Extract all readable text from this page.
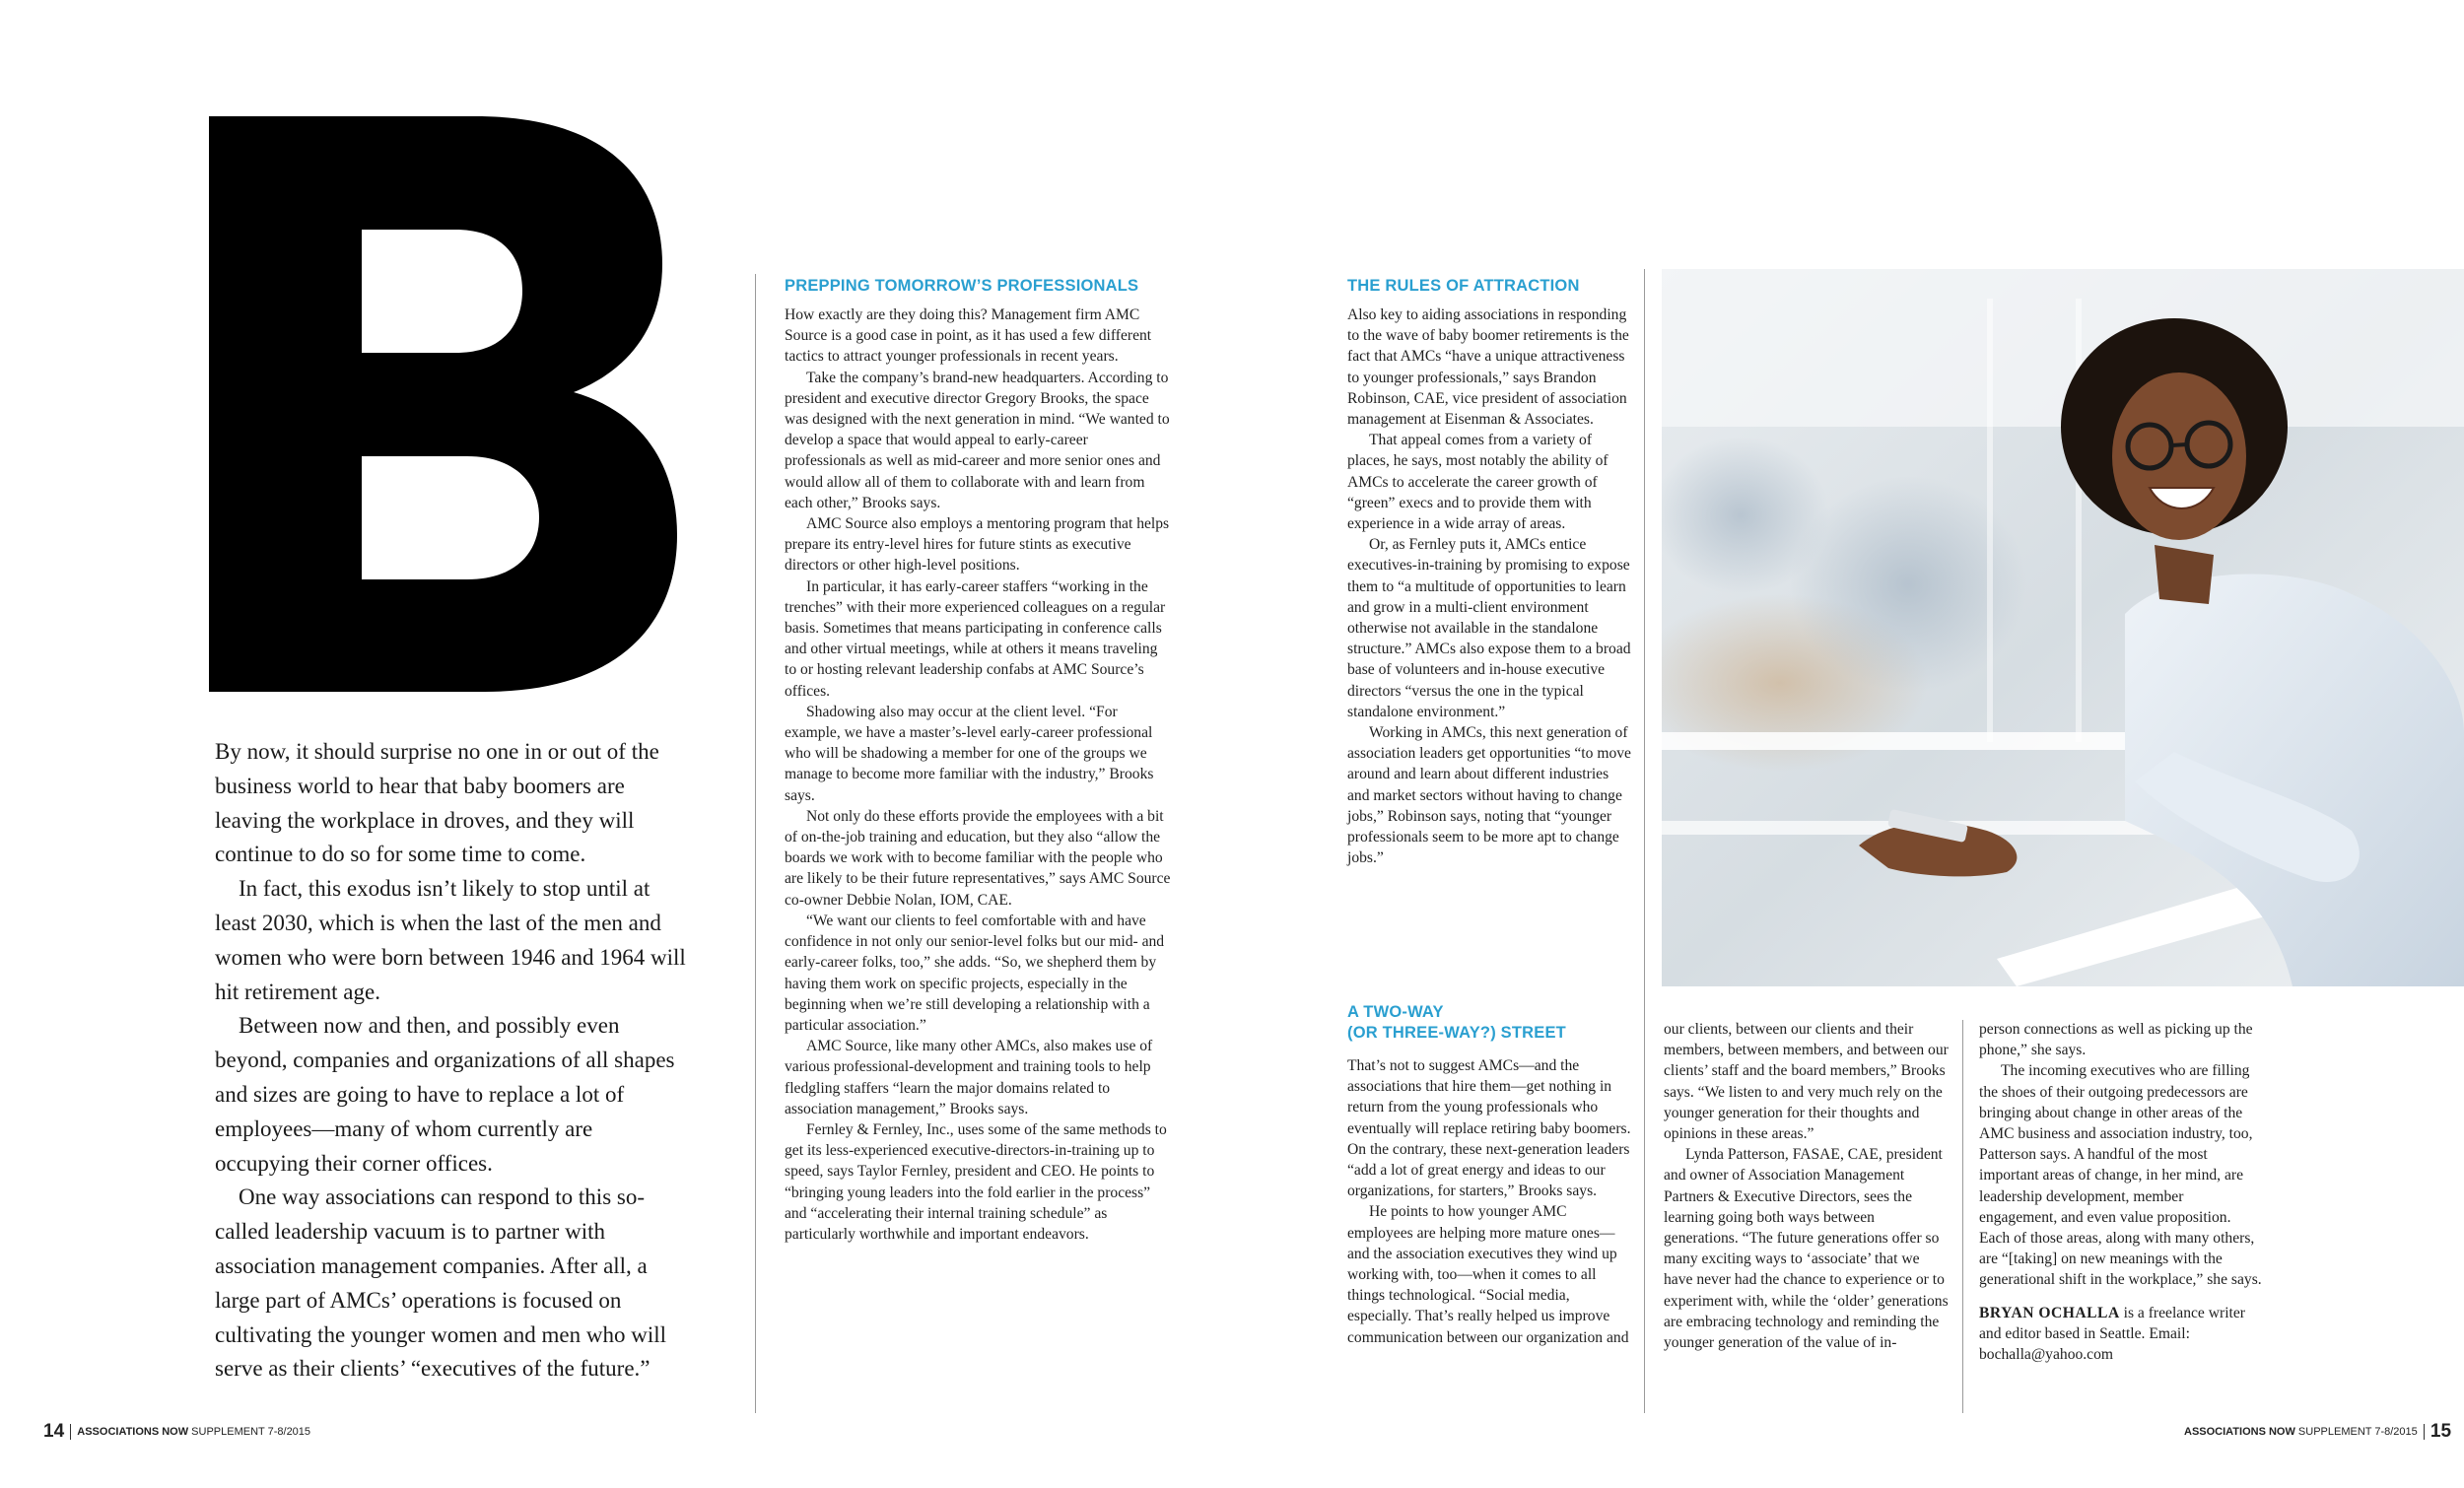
By now, it should surprise no one in or out of the business world to hear that baby boomers are leaving the workplace in droves, and they will continue to do so for some time to come.

In fact, this exodus isn’t likely to stop until at least 2030, which is when the last of the men and women who were born between 1946 and 1964 will hit retirement age.

Between now and then, and possibly even beyond, companies and organizations of all shapes and sizes are going to have to replace a lot of employees—many of whom currently are occupying their corner offices.

One way associations can respond to this so-called leadership vacuum is to partner with association management companies. After all, a large part of AMCs’ operations is focused on cultivating the younger women and men who will serve as their clients’ “executives of the future.”

PREPPING TOMORROW’S PROFESSIONALS

How exactly are they doing this? Management firm AMC Source is a good case in point, as it has used a few different tactics to attract younger professionals in recent years.

Take the company’s brand-new headquarters. According to president and executive director Gregory Brooks, the space was designed with the next generation in mind. “We wanted to develop a space that would appeal to early-career professionals as well as mid-career and more senior ones and would allow all of them to collaborate with and learn from each other,” Brooks says.

AMC Source also employs a mentoring program that helps prepare its entry-level hires for future stints as executive directors or other high-level positions.

In particular, it has early-career staffers “working in the trenches” with their more experienced colleagues on a regular basis. Sometimes that means participating in conference calls and other virtual meetings, while at others it means traveling to or hosting relevant leadership confabs at AMC Source’s offices.

Shadowing also may occur at the client level. “For example, we have a master’s-level early-career professional who will be shadowing a member for one of the groups we manage to become more familiar with the industry,” Brooks says.

Not only do these efforts provide the employees with a bit of on-the-job training and education, but they also “allow the boards we work with to become familiar with the people who are likely to be their future representatives,” says AMC Source co-owner Debbie Nolan, IOM, CAE.

“We want our clients to feel comfortable with and have confidence in not only our senior-level folks but our mid- and early-career folks, too,” she adds. “So, we shepherd them by having them work on specific projects, especially in the beginning when we’re still developing a relationship with a particular association.”

AMC Source, like many other AMCs, also makes use of various professional-development and training tools to help fledgling staffers “learn the major domains related to association management,” Brooks says.

Fernley & Fernley, Inc., uses some of the same methods to get its less-experienced executive-directors-in-training up to speed, says Taylor Fernley, president and CEO. He points to “bringing young leaders into the fold earlier in the process” and “accelerating their internal training schedule” as particularly worthwhile and important endeavors.

THE RULES OF ATTRACTION

Also key to aiding associations in responding to the wave of baby boomer retirements is the fact that AMCs “have a unique attractiveness to younger professionals,” says Brandon Robinson, CAE, vice president of association management at Eisenman & Associates.

That appeal comes from a variety of places, he says, most notably the ability of AMCs to accelerate the career growth of “green” execs and to provide them with experience in a wide array of areas.

Or, as Fernley puts it, AMCs entice executives-in-training by promising to expose them to “a multitude of opportunities to learn and grow in a multi-client environment otherwise not available in the standalone structure.” AMCs also expose them to a broad base of volunteers and in-house executive directors “versus the one in the typical standalone environment.”

Working in AMCs, this next generation of association leaders get opportunities “to move around and learn about different industries and market sectors without having to change jobs,” Robinson says, noting that “younger professionals seem to be more apt to change jobs.”

A TWO-WAY
(OR THREE-WAY?) STREET

That’s not to suggest AMCs—and the associations that hire them—get nothing in return from the young professionals who eventually will replace retiring baby boomers. On the contrary, these next-generation leaders “add a lot of great energy and ideas to our organizations, for starters,” Brooks says.

He points to how younger AMC employees are helping more mature ones—and the association executives they wind up working with, too—when it comes to all things technological. “Social media, especially. That’s really helped us improve communication between our organization and

our clients, between our clients and their members, between members, and between our clients’ staff and the board members,” Brooks says. “We listen to and very much rely on the younger generation for their thoughts and opinions in these areas.”

Lynda Patterson, FASAE, CAE, president and owner of Association Management Partners & Executive Directors, sees the learning going both ways between generations. “The future generations offer so many exciting ways to ‘associate’ that we have never had the chance to experience or to experiment with, while the ‘older’ generations are embracing technology and reminding the younger generation of the value of in-

person connections as well as picking up the phone,” she says.

The incoming executives who are filling the shoes of their outgoing predecessors are bringing about change in other areas of the AMC business and association industry, too, Patterson says. A handful of the most important areas of change, in her mind, are leadership development, member engagement, and even value proposition. Each of those areas, along with many others, are “[taking] on new meanings with the generational shift in the workplace,” she says.

BRYAN OCHALLA is a freelance writer and editor based in Seattle. Email: bochalla@yahoo.com

14 ASSOCIATIONS NOW SUPPLEMENT 7-8/2015	ASSOCIATIONS NOW SUPPLEMENT 7-8/2015 15
